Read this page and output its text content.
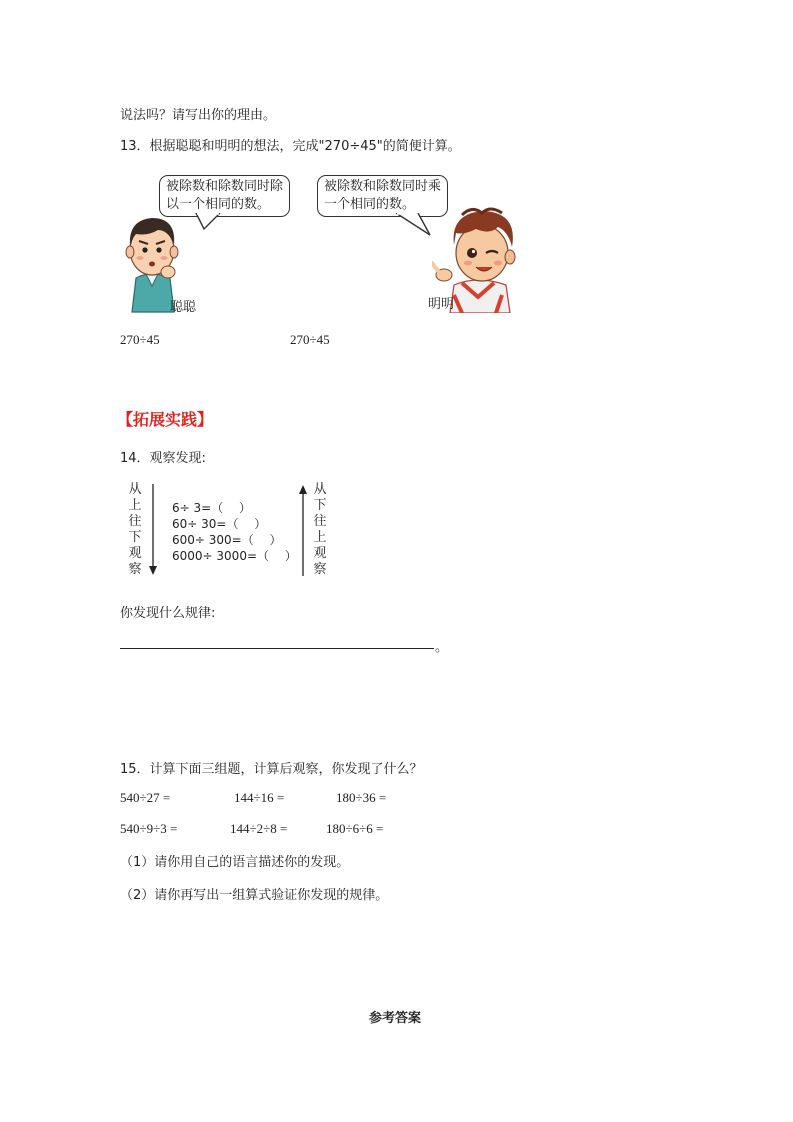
说法吗？请写出你的理由。
13．根据聪聪和明明的想法，完成"270÷45"的简便计算。
被除数和除数同时除
以一个相同的数。
被除数和除数同时乘
一个相同的数。
聪聪	明明
270÷45	270÷45
【拓展实践】
14．观察发现:
从
上
往
下
观
察
6÷ 3=（　 ）
60÷ 30=（　 ）
600÷ 300=（　 ）
6000÷ 3000=（　 ）
从
下
往
上
观
察
你发现什么规律:
。
15．计算下面三组题，计算后观察，你发现了什么？
540÷27 =	144÷16 =	180÷36 =
540÷9÷3 =	144÷2÷8 =	180÷6÷6 =
（1）请你用自己的语言描述你的发现。
（2）请你再写出一组算式验证你发现的规律。
参考答案
